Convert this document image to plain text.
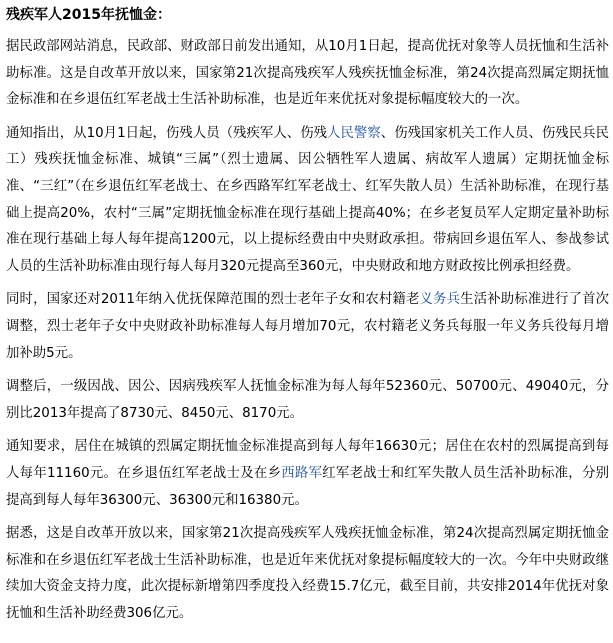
残疾军人2015年抚恤金：

据民政部网站消息，民政部、财政部日前发出通知，从10月1日起，提高优抚对象等人员抚恤和生活补助标准。这是自改革开放以来，国家第21次提高残疾军人残疾抚恤金标准，第24次提高烈属定期抚恤金标准和在乡退伍红军老战士生活补助标准，也是近年来优抚对象提标幅度较大的一次。

通知指出，从10月1日起，伤残人员（残疾军人、伤残人民警察、伤残国家机关工作人员、伤残民兵民工）残疾抚恤金标准、城镇“三属”（烈士遗属、因公牺牲军人遗属、病故军人遗属）定期抚恤金标准、“三红”（在乡退伍红军老战士、在乡西路军红军老战士、红军失散人员）生活补助标准，在现行基础上提高20%，农村“三属”定期抚恤金标准在现行基础上提高40%；在乡老复员军人定期定量补助标准在现行基础上每人每年提高1200元，以上提标经费由中央财政承担。带病回乡退伍军人、参战参试人员的生活补助标准由现行每人每月320元提高至360元，中央财政和地方财政按比例承担经费。

同时，国家还对2011年纳入优抚保障范围的烈士老年子女和农村籍老义务兵生活补助标准进行了首次调整，烈士老年子女中央财政补助标准每人每月增加70元，农村籍老义务兵每服一年义务兵役每月增加补助5元。

调整后，一级因战、因公、因病残疾军人抚恤金标准为每人每年52360元、50700元、49040元，分别比2013年提高了8730元、8450元、8170元。

通知要求，居住在城镇的烈属定期抚恤金标准提高到每人每年16630元；居住在农村的烈属提高到每人每年11160元。在乡退伍红军老战士及在乡西路军红军老战士和红军失散人员生活补助标准，分别提高到每人每年36300元、36300元和16380元。

据悉，这是自改革开放以来，国家第21次提高残疾军人残疾抚恤金标准，第24次提高烈属定期抚恤金标准和在乡退伍红军老战士生活补助标准，也是近年来优抚对象提标幅度较大的一次。今年中央财政继续加大资金支持力度，此次提标新增第四季度投入经费15.7亿元，截至目前，共安排2014年优抚对象抚恤和生活补助经费306亿元。
